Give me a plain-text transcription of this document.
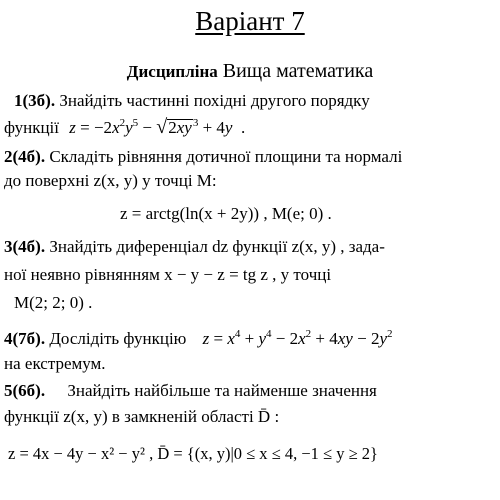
Варіант 7
Дисципліна Вища математика
1(3б). Знайдіть частинні похідні другого порядку
функції $z = -2x^2y^5 - √2xy^3 + 4y$  .
2(4б). Складіть рівняння дотичної площини та нормалі
до поверхні z(x, y) у точці M:
z = arctg(ln(x + 2y)) , M(e; 0) .
3(4б). Знайдіть диференціал dz функції z(x, y) , зада-
ної неявно рівнянням x − y − z = tg z , у точці
M(2; 2; 0) .
4(7б). Дослідіть функцію $z = x^4 + y^4 - 2x^2 + 4xy - 2y^2$
на екстремум.
5(6б). Знайдіть найбільше та найменше значення
функції z(x, y) в замкненій області D̄ :
z = 4x − 4y − x² − y² , D̄ = {(x, y)|0 ≤ x ≤ 4, −1 ≤ y ≥ 2}
